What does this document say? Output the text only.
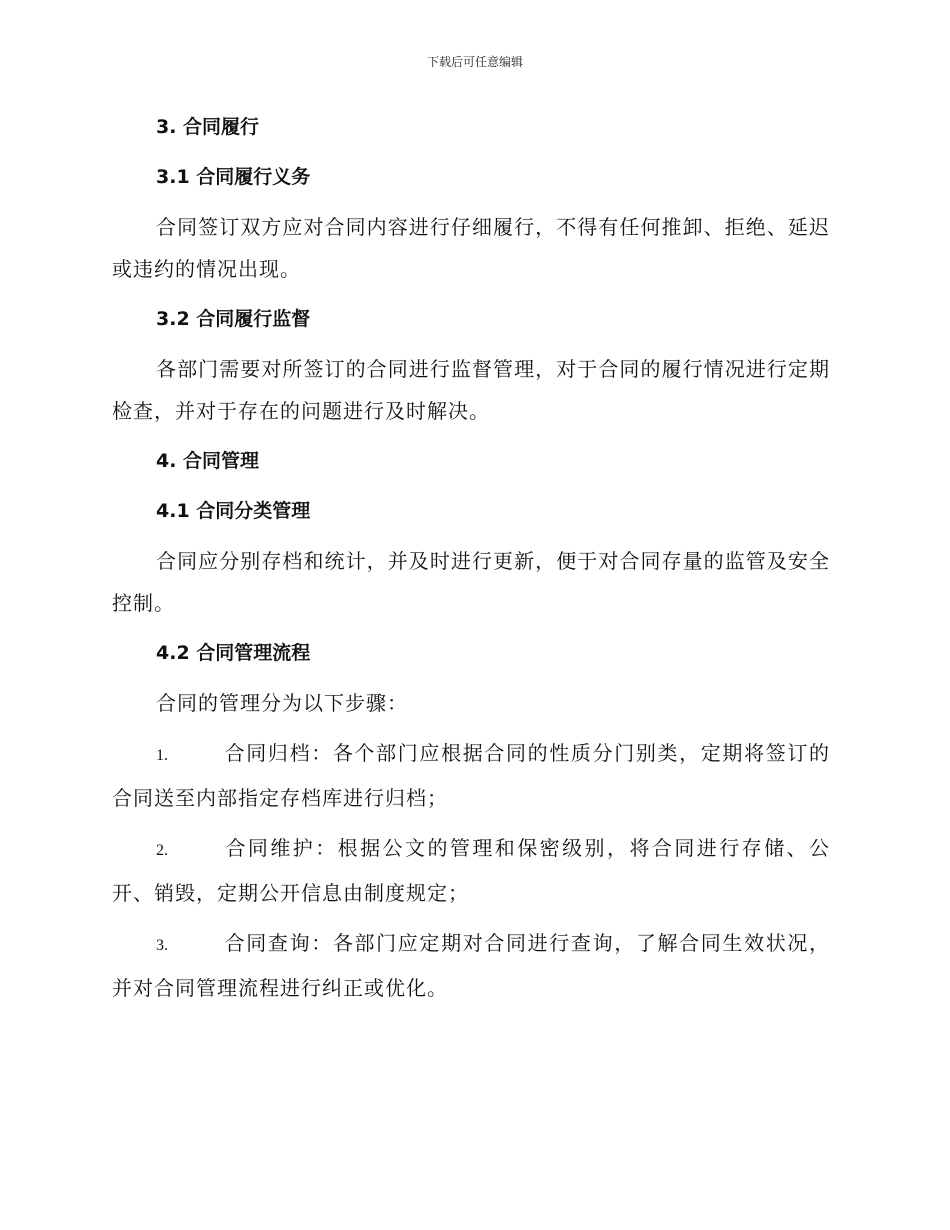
下载后可任意编辑
3. 合同履行
3.1 合同履行义务

合同签订双方应对合同内容进行仔细履行，不得有任何推卸、拒绝、延迟或违约的情况出现。

3.2 合同履行监督

各部门需要对所签订的合同进行监督管理，对于合同的履行情况进行定期检查，并对于存在的问题进行及时解决。

4. 合同管理
4.1 合同分类管理

合同应分别存档和统计，并及时进行更新，便于对合同存量的监管及安全控制。

4.2 合同管理流程

合同的管理分为以下步骤：

1.	合同归档：各个部门应根据合同的性质分门别类，定期将签订的合同送至内部指定存档库进行归档；

2.	合同维护：根据公文的管理和保密级别，将合同进行存储、公开、销毁，定期公开信息由制度规定；

3.	合同查询：各部门应定期对合同进行查询，了解合同生效状况，并对合同管理流程进行纠正或优化。
